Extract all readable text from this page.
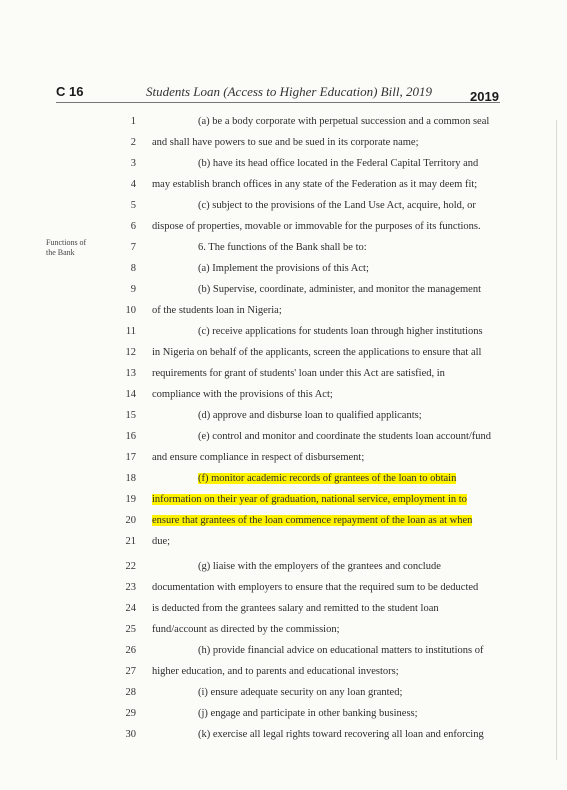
C 16	Students Loan (Access to Higher Education) Bill, 2019	2019
Functions of
the Bank
1	(a) be a body corporate with perpetual succession and a common seal
2 and shall have powers to sue and be sued in its corporate name;
3	(b) have its head office located in the Federal Capital Territory and
4 may establish branch offices in any state of the Federation as it may deem fit;
5	(c) subject to the provisions of the Land Use Act, acquire, hold, or
6 dispose of properties, movable or immovable for the purposes of its functions.
7	6. The functions of the Bank shall be to:
8	(a) Implement the provisions of this Act;
9	(b) Supervise, coordinate, administer, and monitor the management
10 of the students loan in Nigeria;
11	(c) receive applications for students loan through higher institutions
12 in Nigeria on behalf of the applicants, screen the applications to ensure that all
13 requirements for grant of students' loan under this Act are satisfied, in
14 compliance with the provisions of this Act;
15	(d) approve and disburse loan to qualified applicants;
16	(e) control and monitor and coordinate the students loan account/fund
17 and ensure compliance in respect of disbursement;
18	(f) monitor academic records of grantees of the loan to obtain
19 information on their year of graduation, national service, employment in to
20 ensure that grantees of the loan commence repayment of the loan as at when
21 due;
22	(g) liaise with the employers of the grantees and conclude
23 documentation with employers to ensure that the required sum to be deducted
24 is deducted from the grantees salary and remitted to the student loan
25 fund/account as directed by the commission;
26	(h) provide financial advice on educational matters to institutions of
27 higher education, and to parents and educational investors;
28	(i) ensure adequate security on any loan granted;
29	(j) engage and participate in other banking business;
30	(k) exercise all legal rights toward recovering all loan and enforcing
